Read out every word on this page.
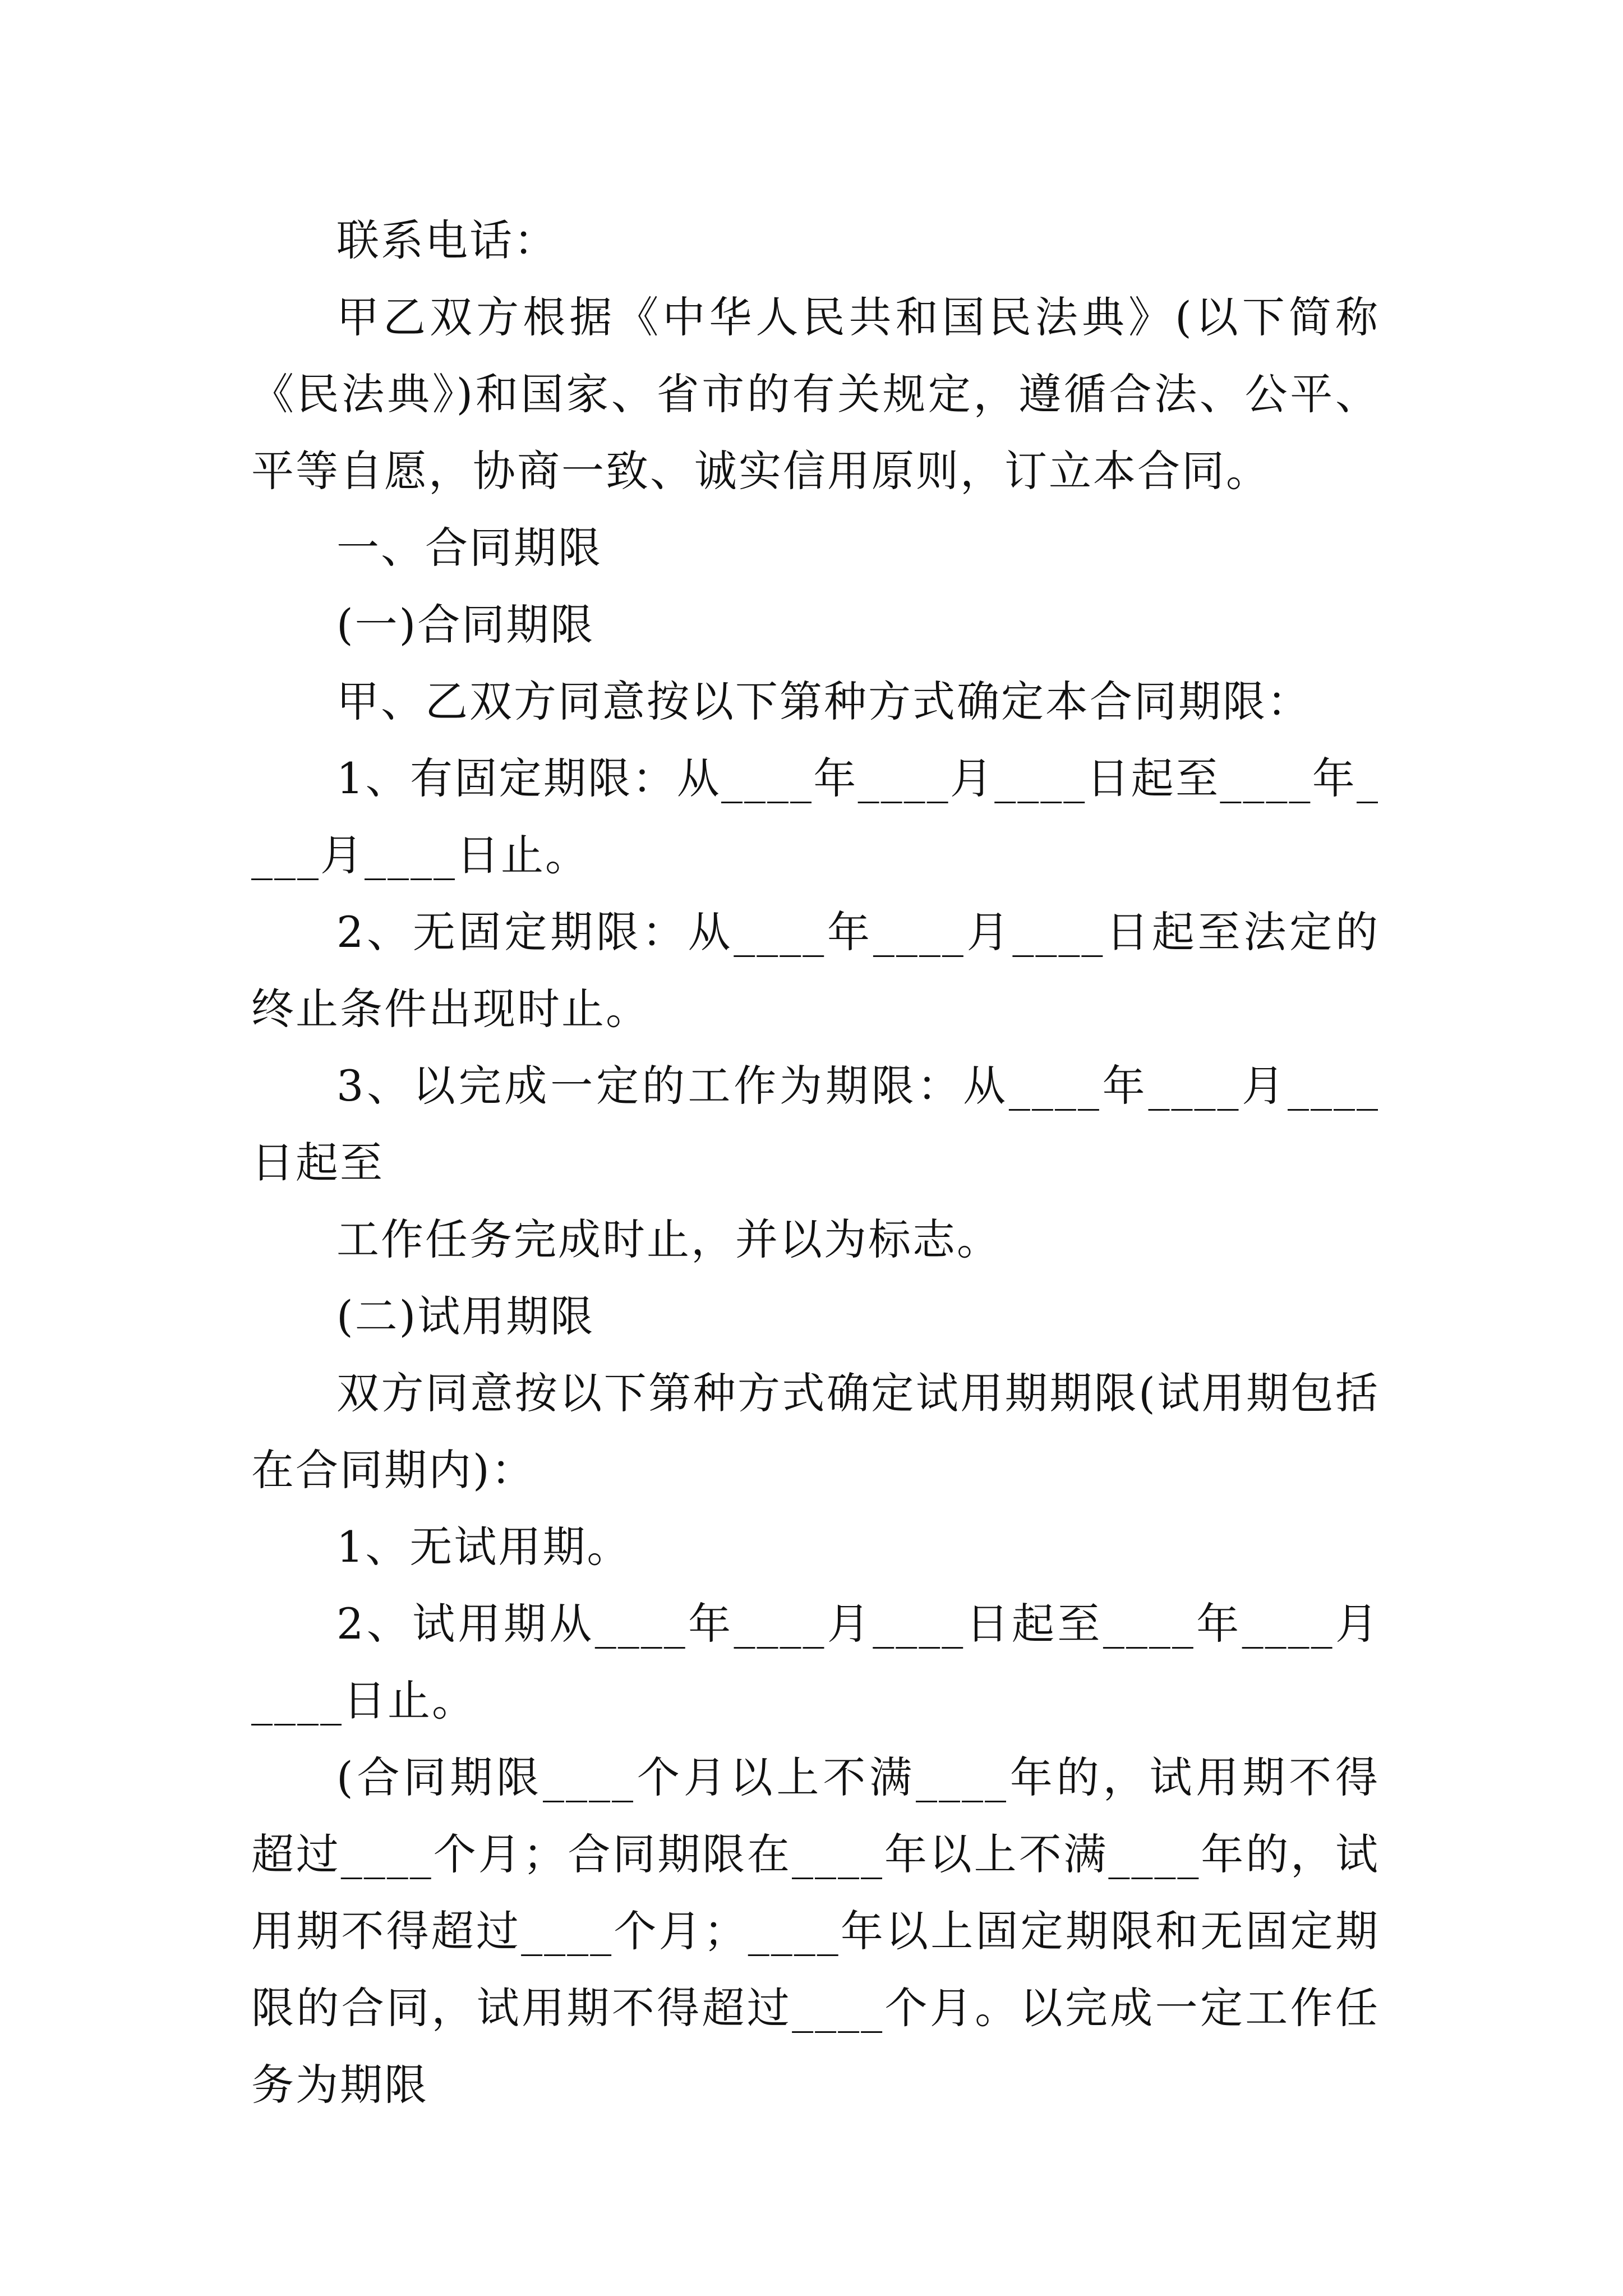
联系电话：

甲乙双方根据《中华人民共和国民法典》(以下简称《民法典》)和国家、省市的有关规定，遵循合法、公平、平等自愿，协商一致、诚实信用原则，订立本合同。

一、合同期限

(一)合同期限

甲、乙双方同意按以下第种方式确定本合同期限：

1、有固定期限：从____年____月____日起至____年____月____日止。

2、无固定期限：从____年____月____日起至法定的终止条件出现时止。

3、以完成一定的工作为期限：从____年____月____日起至

工作任务完成时止，并以为标志。

(二)试用期限

双方同意按以下第种方式确定试用期期限(试用期包括在合同期内)：

1、无试用期。

2、试用期从____年____月____日起至____年____月____日止。

(合同期限____个月以上不满____年的，试用期不得超过____个月；合同期限在____年以上不满____年的，试用期不得超过____个月；____年以上固定期限和无固定期限的合同，试用期不得超过____个月。以完成一定工作任务为期限
